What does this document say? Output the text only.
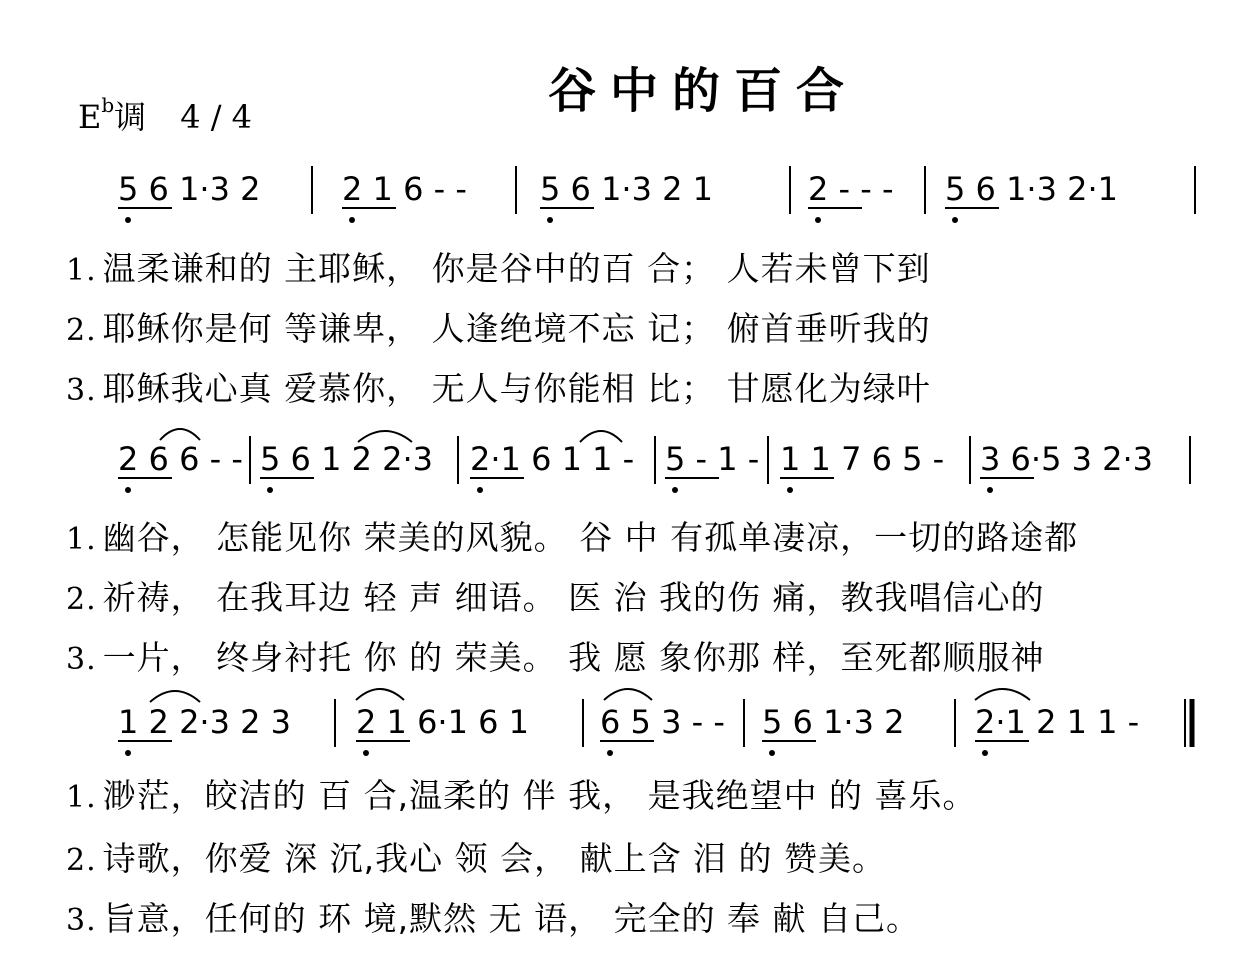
谷中的百合
$E^b$调 4 / 4
5 6 1·3 2	2 1 6 - - 5 6 1·3 2 1	2 - - - 5 6 1·3 2·1
2 6 6 - - 5 6 1 2 2·3 2·1 6 1 1 - 5 - 1 - 1 1 7 6 5 - 3 6·5 3 2·3
1 2 2·3 2 3 2 1 6·1 6 1 6 5 3 - - 5 6 1·3 2 2·1 2 1 1 -
1. 温柔谦和的 主耶稣， 你是谷中的百 合； 人若未曾下到
2. 耶稣你是何 等谦卑， 人逢绝境不忘 记； 俯首垂听我的
3. 耶稣我心真 爱慕你， 无人与你能相 比； 甘愿化为绿叶
1. 幽谷， 怎能见你 荣美的风貌。 谷 中 有孤单凄凉，一切的路途都
2. 祈祷， 在我耳边 轻 声 细语。 医 治 我的伤 痛，教我唱信心的
3. 一片， 终身衬托 你 的 荣美。 我 愿 象你那 样，至死都顺服神
1. 渺茫，皎洁的 百 合,温柔的 伴 我， 是我绝望中 的 喜乐。
2. 诗歌，你爱 深 沉,我心 领 会， 献上含 泪 的 赞美。
3. 旨意，任何的 环 境,默然 无 语， 完全的 奉 献 自己。
